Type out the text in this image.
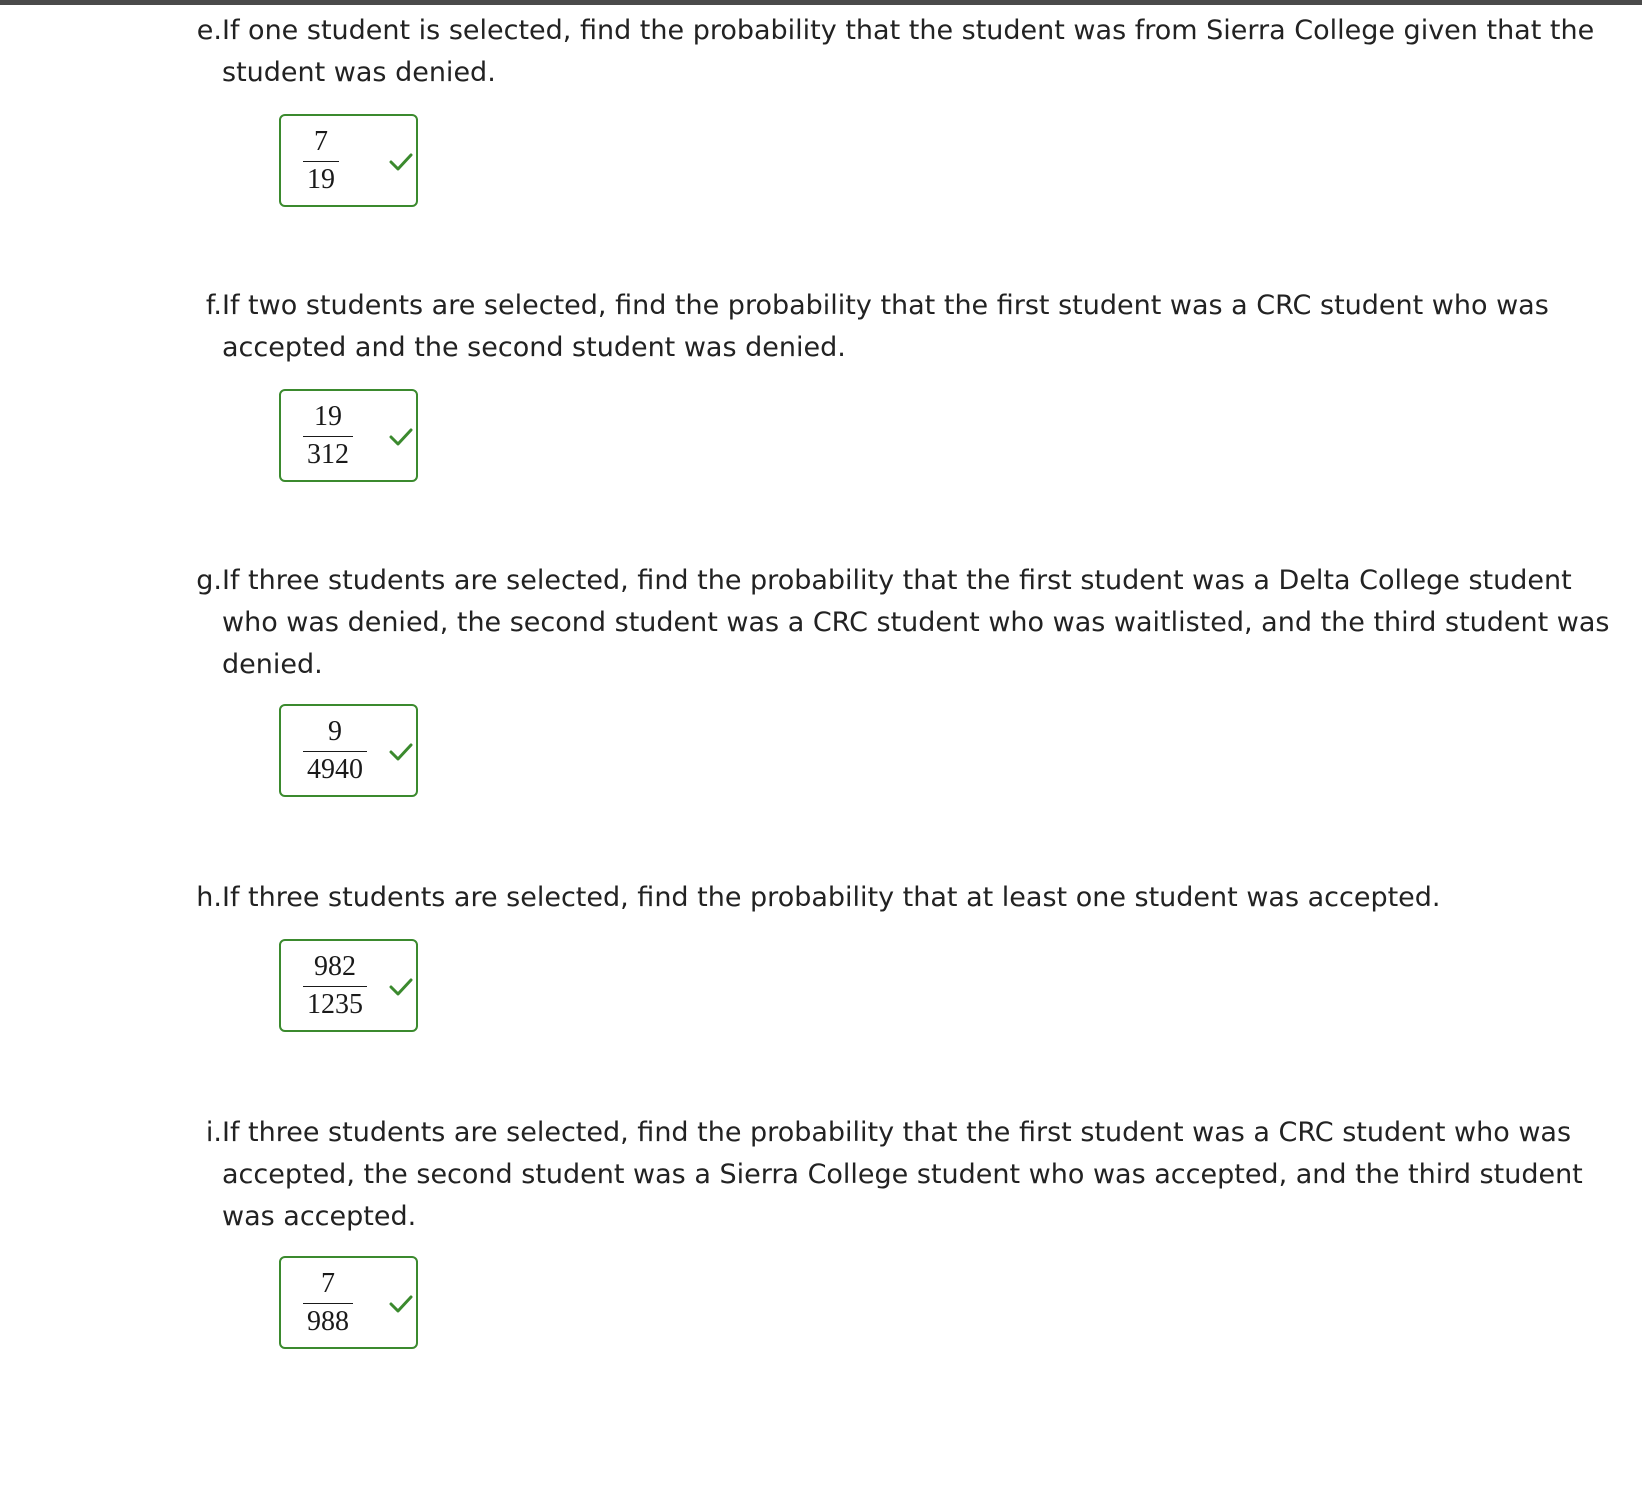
e. If one student is selected, find the probability that the student was from Sierra College given that the student was denied.

7
19

f. If two students are selected, find the probability that the first student was a CRC student who was accepted and the second student was denied.

19
312

g. If three students are selected, find the probability that the first student was a Delta College student who was denied, the second student was a CRC student who was waitlisted, and the third student was denied.

9
4940

h. If three students are selected, find the probability that at least one student was accepted.

982
1235

i. If three students are selected, find the probability that the first student was a CRC student who was accepted, the second student was a Sierra College student who was accepted, and the third student was accepted.

7
988
